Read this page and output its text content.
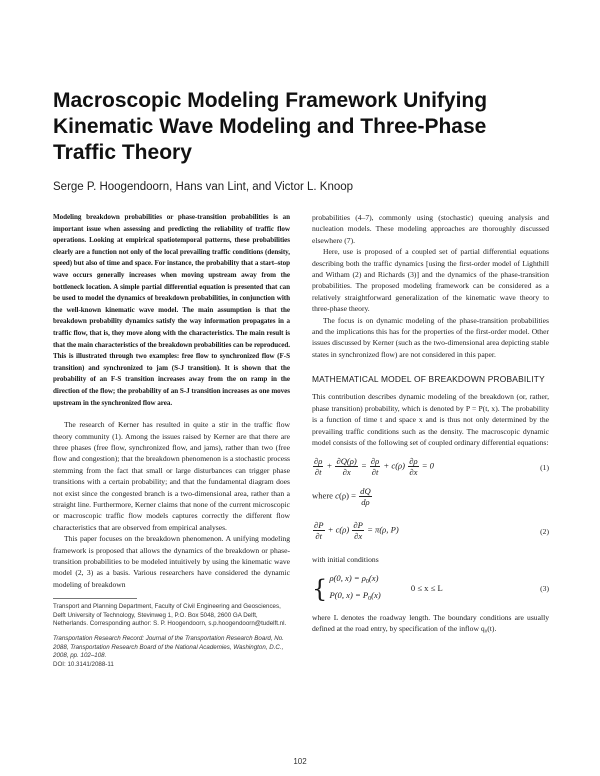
Macroscopic Modeling Framework Unifying Kinematic Wave Modeling and Three-Phase Traffic Theory

Serge P. Hoogendoorn, Hans van Lint, and Victor L. Knoop

Modeling breakdown probabilities or phase-transition probabilities is an important issue when assessing and predicting the reliability of traffic flow operations. Looking at empirical spatiotemporal patterns, these probabilities clearly are a function not only of the local prevailing traffic conditions (density, speed) but also of time and space. For instance, the probability that a start–stop wave occurs generally increases when moving upstream away from the bottleneck location. A simple partial differential equation is presented that can be used to model the dynamics of breakdown probabilities, in conjunction with the well-known kinematic wave model. The main assumption is that the breakdown probability dynamics satisfy the way information propagates in a traffic flow, that is, they move along with the characteristics. The main result is that the main characteristics of the breakdown probabilities can be reproduced. This is illustrated through two examples: free flow to synchronized flow (F-S transition) and synchronized to jam (S-J transition). It is shown that the probability of an F-S transition increases away from the on ramp in the direction of the flow; the probability of an S-J transition increases as one moves upstream in the synchronized flow area.

The research of Kerner has resulted in quite a stir in the traffic flow theory community (1). Among the issues raised by Kerner are that there are three phases (free flow, synchronized flow, and jams), rather than two (free flow and congestion); that the breakdown phenomenon is a stochastic process stemming from the fact that small or large disturbances can trigger phase transitions with a certain probability; and that the fundamental diagram does not exist since the congested branch is a two-dimensional area, rather than a straight line. Furthermore, Kerner claims that none of the current microscopic or macroscopic traffic flow models captures correctly the different flow characteristics that are observed from empirical analyses.

This paper focuses on the breakdown phenomenon. A unifying modeling framework is proposed that allows the dynamics of the breakdown or phase-transition probabilities to be modeled intuitively by using the kinematic wave model (2, 3) as a basis. Various researchers have considered the dynamic modeling of breakdown

Transport and Planning Department, Faculty of Civil Engineering and Geosciences, Delft University of Technology, Stevinweg 1, P.O. Box 5048, 2600 GA Delft, Netherlands. Corresponding author: S. P. Hoogendoorn, s.p.hoogendoorn@tudelft.nl.

Transportation Research Record: Journal of the Transportation Research Board, No. 2088, Transportation Research Board of the National Academies, Washington, D.C., 2008, pp. 102–108.

DOI: 10.3141/2088-11

probabilities (4–7), commonly using (stochastic) queuing analysis and nucleation models. These modeling approaches are thoroughly discussed elsewhere (7).

Here, use is proposed of a coupled set of partial differential equations describing both the traffic dynamics [using the first-order model of Lighthill and Witham (2) and Richards (3)] and the dynamics of the phase-transition probabilities. The proposed modeling framework can be considered as a relatively straightforward generalization of the kinematic wave theory to three-phase theory.

The focus is on dynamic modeling of the phase-transition probabilities and the implications this has for the properties of the first-order model. Other issues discussed by Kerner (such as the two-dimensional area depicting stable states in synchronized flow) are not considered in this paper.

MATHEMATICAL MODEL OF BREAKDOWN PROBABILITY

This contribution describes dynamic modeling of the breakdown (or, rather, phase transition) probability, which is denoted by P = P(t, x). The probability is a function of time t and space x and is thus not only determined by the prevailing traffic conditions such as the density. The macroscopic dynamic model consists of the following set of coupled ordinary differential equations:

$\frac{\partial\rho}{\partial t} + \frac{\partial Q(\rho)}{\partial x} = \frac{\partial\rho}{\partial t} + c(\rho) \frac{\partial\rho}{\partial x} = 0$	(1)
where $c(\rho) = \frac{dQ}{d\rho}$
$\frac{\partial P}{\partial t} + c(\rho) \frac{\partial P}{\partial x} = \pi(\rho$, P)	(2)

with initial conditions

{ ρ(0, $x) = \rho_0(x)$
P(0, $x) = P_0(x) 0 \le x \le L$	(3)

where L denotes the roadway length. The boundary conditions are usually defined at the road entry, by specification of the inflow q₀(t).

102
